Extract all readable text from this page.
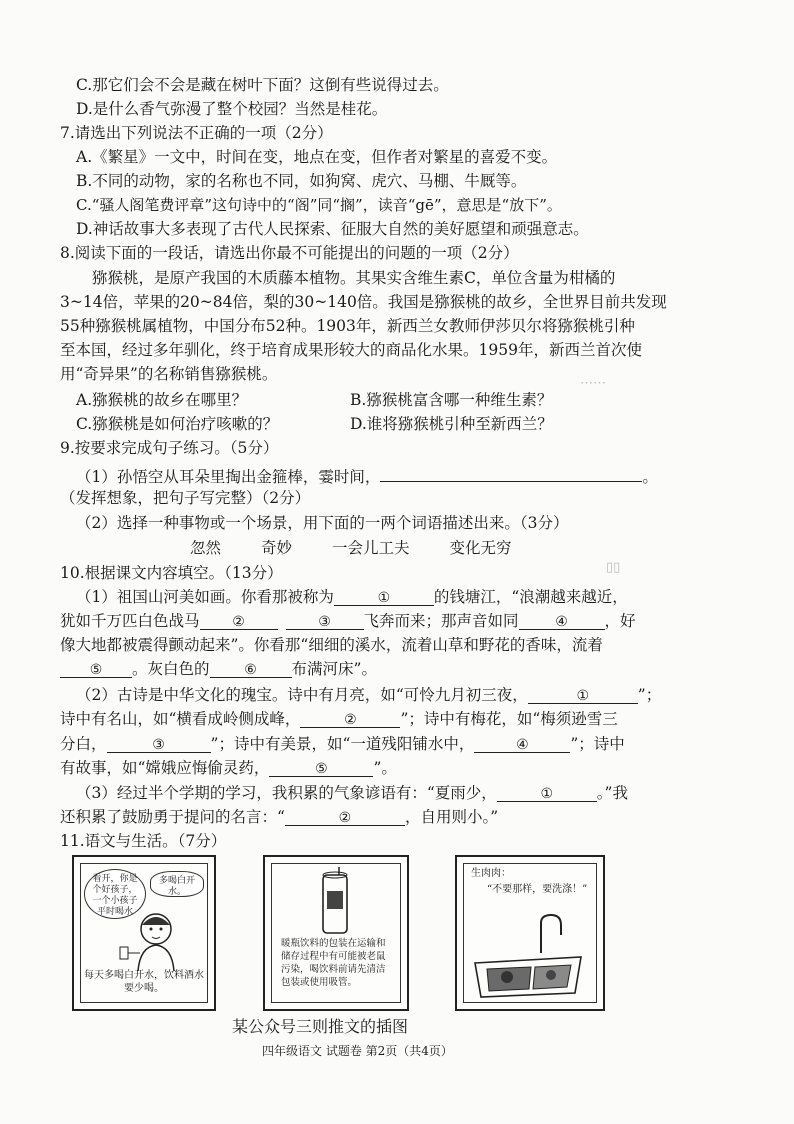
C.那它们会不会是藏在树叶下面？这倒有些说得过去。
D.是什么香气弥漫了整个校园？当然是桂花。
7.请选出下列说法不正确的一项（2分）
A.《繁星》一文中，时间在变，地点在变，但作者对繁星的喜爱不变。
B.不同的动物，家的名称也不同，如狗窝、虎穴、马棚、牛厩等。
C.“骚人阁笔费评章”这句诗中的“阁”同“搁”，读音“gē”，意思是“放下”。
D.神话故事大多表现了古代人民探索、征服大自然的美好愿望和顽强意志。
8.阅读下面的一段话，请选出你最不可能提出的问题的一项（2分）
猕猴桃，是原产我国的木质藤本植物。其果实含维生素C，单位含量为柑橘的
3~14倍，苹果的20~84倍，梨的30~140倍。我国是猕猴桃的故乡，全世界目前共发现
55种猕猴桃属植物，中国分布52种。1903年，新西兰女教师伊莎贝尔将猕猴桃引种
至本国，经过多年驯化，终于培育成果形较大的商品化水果。1959年，新西兰首次使
用“奇异果”的名称销售猕猴桃。
A.猕猴桃的故乡在哪里？	B.猕猴桃富含哪一种维生素？
C.猕猴桃是如何治疗咳嗽的？	D.谁将猕猴桃引种至新西兰？
9.按要求完成句子练习。（5分）
（1）孙悟空从耳朵里掏出金箍棒，霎时间，	。
（发挥想象，把句子写完整）（2分）
（2）选择一种事物或一个场景，用下面的一两个词语描述出来。（3分）
忽然	奇妙	一会儿工夫	变化无穷
10.根据课文内容填空。（13分）
（1）祖国山河美如画。你看那被称为	①	的钱塘江，“浪潮越来越近，
犹如千万匹白色战马 ②	③ 飞奔而来；那声音如同	④ ，好
像大地都被震得颤动起来”。你看那“细细的溪水，流着山草和野花的香味，流着
⑤ 。灰白色的 ⑥ 布满河床”。
（2）古诗是中华文化的瑰宝。诗中有月亮，如“可怜九月初三夜，	①	”；
诗中有名山，如“横看成岭侧成峰，	②	”；诗中有梅花，如“梅须逊雪三
分白，	③	”；诗中有美景，如“一道残阳铺水中，	④	”；诗中
有故事，如“嫦娥应悔偷灵药，	⑤	”。
（3）经过半个学期的学习，我积累的气象谚语有：“夏雨少，	①	。”我
还积累了鼓励勇于提问的名言：“	②	，自用则小。”
11.语文与生活。（7分）
看开，你是个好孩子，一个小孩子平时喝水
多喝白开水。
每天多喝白开水，饮料酒水要少喝。
暖瓶饮料的包装在运输和储存过程中有可能被老鼠污染，喝饮料前请先清洁包装或使用吸管。
生肉肉：
“不要那样，要洗涤！”
某公众号三则推文的插图
四年级语文 试题卷 第2页（共4页）
⋯⋯
▯▯
